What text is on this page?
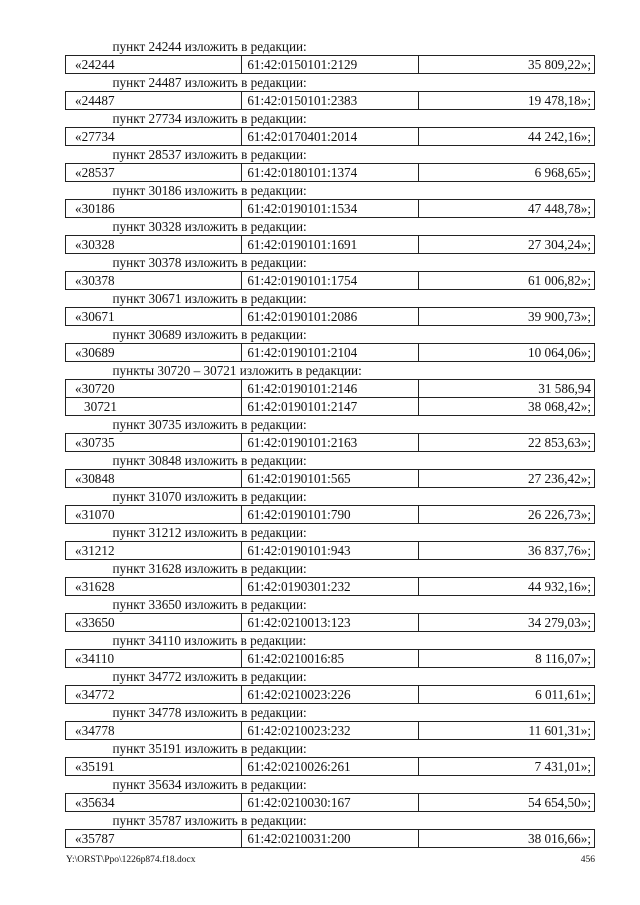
пункт 24244 изложить в редакции:		
«24244	61:42:0150101:2129	35 809,22»;
пункт 24487 изложить в редакции:		
«24487	61:42:0150101:2383	19 478,18»;
пункт 27734 изложить в редакции:		
«27734	61:42:0170401:2014	44 242,16»;
пункт 28537 изложить в редакции:		
«28537	61:42:0180101:1374	6 968,65»;
пункт 30186 изложить в редакции:		
«30186	61:42:0190101:1534	47 448,78»;
пункт 30328 изложить в редакции:		
«30328	61:42:0190101:1691	27 304,24»;
пункт 30378 изложить в редакции:		
«30378	61:42:0190101:1754	61 006,82»;
пункт 30671 изложить в редакции:		
«30671	61:42:0190101:2086	39 900,73»;
пункт 30689 изложить в редакции:		
«30689	61:42:0190101:2104	10 064,06»;
пункты 30720 – 30721 изложить в редакции:		
«30720	61:42:0190101:2146	31 586,94
30721	61:42:0190101:2147	38 068,42»;
пункт 30735 изложить в редакции:		
«30735	61:42:0190101:2163	22 853,63»;
пункт 30848 изложить в редакции:		
«30848	61:42:0190101:565	27 236,42»;
пункт 31070 изложить в редакции:		
«31070	61:42:0190101:790	26 226,73»;
пункт 31212 изложить в редакции:		
«31212	61:42:0190101:943	36 837,76»;
пункт 31628 изложить в редакции:		
«31628	61:42:0190301:232	44 932,16»;
пункт 33650 изложить в редакции:		
«33650	61:42:0210013:123	34 279,03»;
пункт 34110 изложить в редакции:		
«34110	61:42:0210016:85	8 116,07»;
пункт 34772 изложить в редакции:		
«34772	61:42:0210023:226	6 011,61»;
пункт 34778 изложить в редакции:		
«34778	61:42:0210023:232	11 601,31»;
пункт 35191 изложить в редакции:		
«35191	61:42:0210026:261	7 431,01»;
пункт 35634 изложить в редакции:		
«35634	61:42:0210030:167	54 654,50»;
пункт 35787 изложить в редакции:		
«35787	61:42:0210031:200	38 016,66»;
Y:\ORST\Ppo\1226p874.f18.docx	456
